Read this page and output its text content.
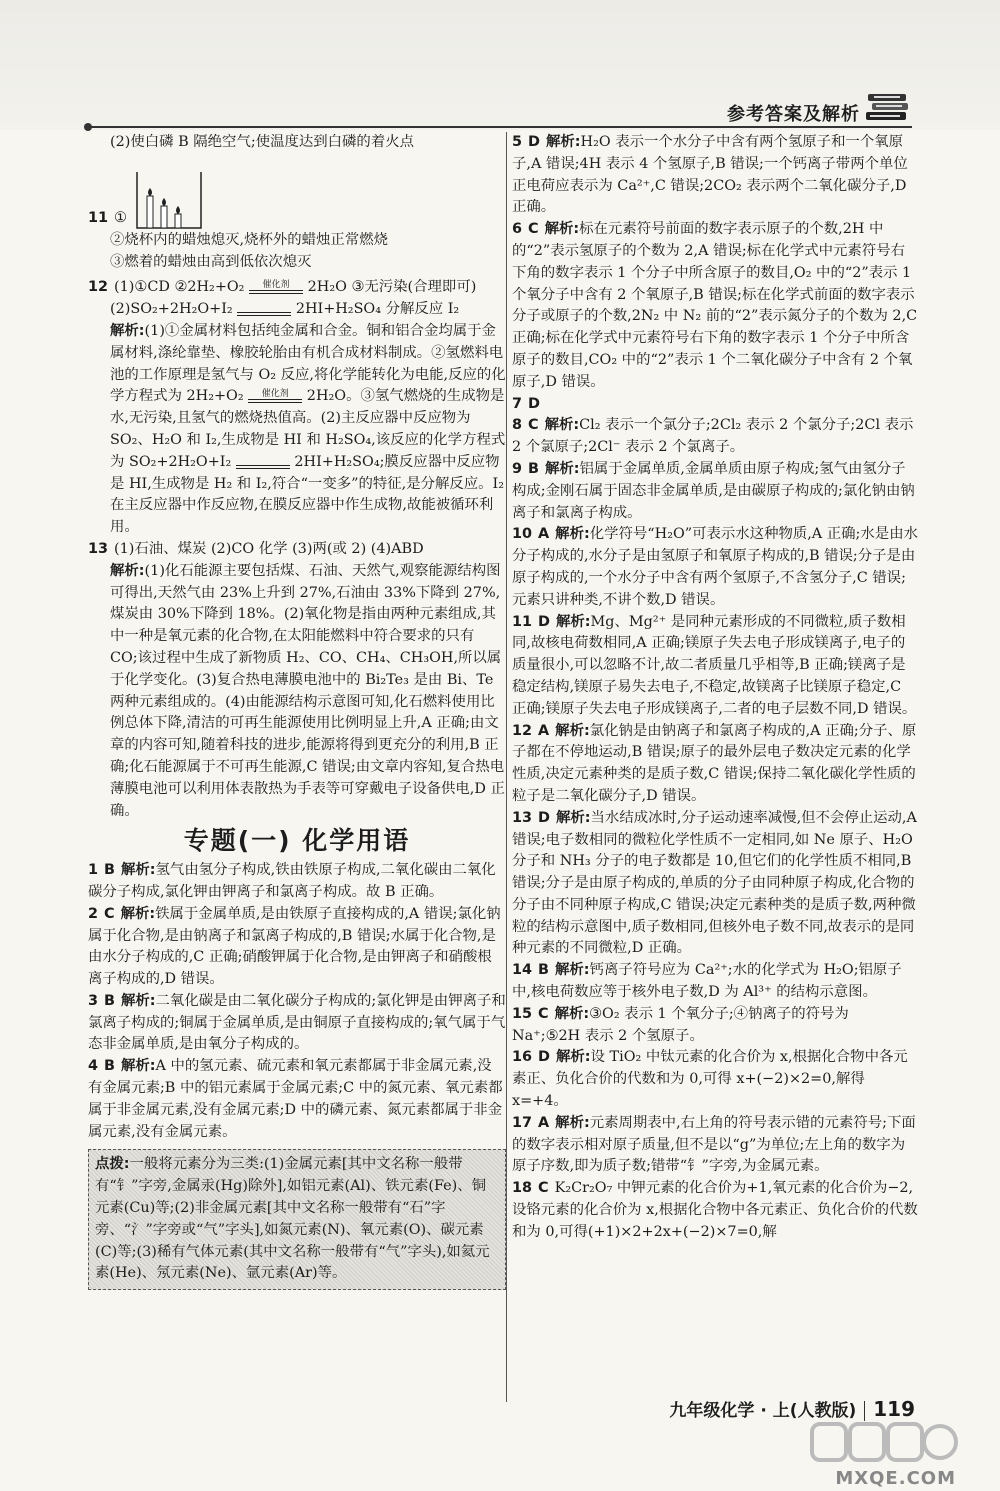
参考答案及解析

(2)使白磷 B 隔绝空气;使温度达到白磷的着火点

11 ①

②烧杯内的蜡烛熄灭,烧杯外的蜡烛正常燃烧

③燃着的蜡烛由高到低依次熄灭

12 (1)①CD ②2H₂+O₂	催化剂	2H₂O ③无污染(合理即可)

(2)SO₂+2H₂O+I₂
	2HI+H₂SO₄ 分解反应 I₂

解析:(1)①金属材料包括纯金属和合金。铜和铝合金均属于金属材料,涤纶靠垫、橡胶轮胎由有机合成材料制成。②氢燃料电池的工作原理是氢气与 O₂ 反应,将化学能转化为电能,反应的化学方程式为 2H₂+O₂	催化剂	2H₂O。③氢气燃烧的生成物是水,无污染,且氢气的燃烧热值高。(2)主反应器中反应物为 SO₂、H₂O 和 I₂,生成物是 HI 和 H₂SO₄,该反应的化学方程式为 SO₂+2H₂O+I₂
	2HI+H₂SO₄;膜反应器中反应物是 HI,生成物是 H₂ 和 I₂,符合“一变多”的特征,是分解反应。I₂ 在主反应器中作反应物,在膜反应器中作生成物,故能被循环利用。

13 (1)石油、煤炭 (2)CO 化学 (3)两(或 2) (4)ABD

解析:(1)化石能源主要包括煤、石油、天然气,观察能源结构图可得出,天然气由 23%上升到 27%,石油由 33%下降到 27%,煤炭由 30%下降到 18%。(2)氧化物是指由两种元素组成,其中一种是氧元素的化合物,在太阳能燃料中符合要求的只有 CO;该过程中生成了新物质 H₂、CO、CH₄、CH₃OH,所以属于化学变化。(3)复合热电薄膜电池中的 Bi₂Te₃ 是由 Bi、Te 两种元素组成的。(4)由能源结构示意图可知,化石燃料使用比例总体下降,清洁的可再生能源使用比例明显上升,A 正确;由文章的内容可知,随着科技的进步,能源将得到更充分的利用,B 正确;化石能源属于不可再生能源,C 错误;由文章内容知,复合热电薄膜电池可以利用体表散热为手表等可穿戴电子设备供电,D 正确。

专题(一) 化学用语

1 B 解析:氢气由氢分子构成,铁由铁原子构成,二氧化碳由二氧化碳分子构成,氯化钾由钾离子和氯离子构成。故 B 正确。

2 C 解析:铁属于金属单质,是由铁原子直接构成的,A 错误;氯化钠属于化合物,是由钠离子和氯离子构成的,B 错误;水属于化合物,是由水分子构成的,C 正确;硝酸钾属于化合物,是由钾离子和硝酸根离子构成的,D 错误。

3 B 解析:二氧化碳是由二氧化碳分子构成的;氯化钾是由钾离子和氯离子构成的;铜属于金属单质,是由铜原子直接构成的;氧气属于气态非金属单质,是由氧分子构成的。

4 B 解析:A 中的氢元素、硫元素和氧元素都属于非金属元素,没有金属元素;B 中的铝元素属于金属元素;C 中的氮元素、氧元素都属于非金属元素,没有金属元素;D 中的磷元素、氮元素都属于非金属元素,没有金属元素。

点拨:一般将元素分为三类:(1)金属元素[其中文名称一般带有“钅”字旁,金属汞(Hg)除外],如铝元素(Al)、铁元素(Fe)、铜元素(Cu)等;(2)非金属元素[其中文名称一般带有“石”字旁、“氵”字旁或“气”字头],如氮元素(N)、氧元素(O)、碳元素(C)等;(3)稀有气体元素(其中文名称一般带有“气”字头),如氦元素(He)、氖元素(Ne)、氩元素(Ar)等。

5 D 解析:H₂O 表示一个水分子中含有两个氢原子和一个氧原子,A 错误;4H 表示 4 个氢原子,B 错误;一个钙离子带两个单位正电荷应表示为 Ca²⁺,C 错误;2CO₂ 表示两个二氧化碳分子,D 正确。

6 C 解析:标在元素符号前面的数字表示原子的个数,2H 中的“2”表示氢原子的个数为 2,A 错误;标在化学式中元素符号右下角的数字表示 1 个分子中所含原子的数目,O₂ 中的“2”表示 1 个氧分子中含有 2 个氧原子,B 错误;标在化学式前面的数字表示分子或原子的个数,2N₂ 中 N₂ 前的“2”表示氮分子的个数为 2,C 正确;标在化学式中元素符号右下角的数字表示 1 个分子中所含原子的数目,CO₂ 中的“2”表示 1 个二氧化碳分子中含有 2 个氧原子,D 错误。

7 D

8 C 解析:Cl₂ 表示一个氯分子;2Cl₂ 表示 2 个氯分子;2Cl 表示 2 个氯原子;2Cl⁻ 表示 2 个氯离子。

9 B 解析:铝属于金属单质,金属单质由原子构成;氢气由氢分子构成;金刚石属于固态非金属单质,是由碳原子构成的;氯化钠由钠离子和氯离子构成。

10 A 解析:化学符号“H₂O”可表示水这种物质,A 正确;水是由水分子构成的,水分子是由氢原子和氧原子构成的,B 错误;分子是由原子构成的,一个水分子中含有两个氢原子,不含氢分子,C 错误;元素只讲种类,不讲个数,D 错误。

11 D 解析:Mg、Mg²⁺ 是同种元素形成的不同微粒,质子数相同,故核电荷数相同,A 正确;镁原子失去电子形成镁离子,电子的质量很小,可以忽略不计,故二者质量几乎相等,B 正确;镁离子是稳定结构,镁原子易失去电子,不稳定,故镁离子比镁原子稳定,C 正确;镁原子失去电子形成镁离子,二者的电子层数不同,D 错误。

12 A 解析:氯化钠是由钠离子和氯离子构成的,A 正确;分子、原子都在不停地运动,B 错误;原子的最外层电子数决定元素的化学性质,决定元素种类的是质子数,C 错误;保持二氧化碳化学性质的粒子是二氧化碳分子,D 错误。

13 D 解析:当水结成冰时,分子运动速率减慢,但不会停止运动,A 错误;电子数相同的微粒化学性质不一定相同,如 Ne 原子、H₂O 分子和 NH₃ 分子的电子数都是 10,但它们的化学性质不相同,B 错误;分子是由原子构成的,单质的分子由同种原子构成,化合物的分子由不同种原子构成,C 错误;决定元素种类的是质子数,两种微粒的结构示意图中,质子数相同,但核外电子数不同,故表示的是同种元素的不同微粒,D 正确。

14 B 解析:钙离子符号应为 Ca²⁺;水的化学式为 H₂O;铝原子中,核电荷数应等于核外电子数,D 为 Al³⁺ 的结构示意图。

15 C 解析:③O₂ 表示 1 个氧分子;④钠离子的符号为 Na⁺;⑤2H 表示 2 个氢原子。

16 D 解析:设 TiO₂ 中钛元素的化合价为 x,根据化合物中各元素正、负化合价的代数和为 0,可得 x+(−2)×2=0,解得 x=+4。

17 A 解析:元素周期表中,右上角的符号表示错的元素符号;下面的数字表示相对原子质量,但不是以“g”为单位;左上角的数字为原子序数,即为质子数;错带“钅”字旁,为金属元素。

18 C K₂Cr₂O₇ 中钾元素的化合价为+1,氧元素的化合价为−2,设铬元素的化合价为 x,根据化合物中各元素正、负化合价的代数和为 0,可得(+1)×2+2x+(−2)×7=0,解

九年级化学 · 上(人教版) 119
MXQE.COM
